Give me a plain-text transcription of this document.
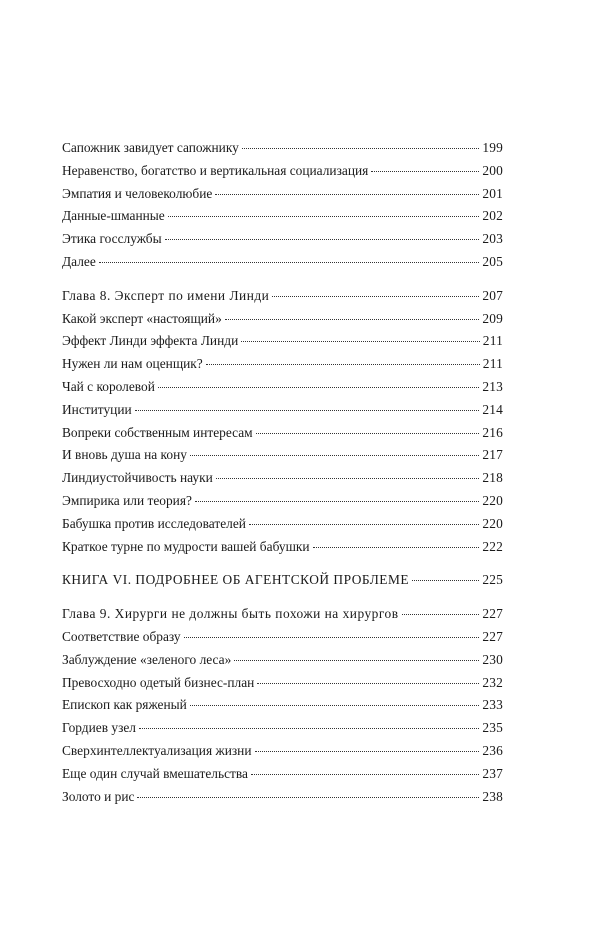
Сапожник завидует сапожнику	199
Неравенство, богатство и вертикальная социализация	200
Эмпатия и человеколюбие	201
Данные-шманные	202
Этика госслужбы	203
Далее	205
Глава 8. Эксперт по имени Линди	207
Какой эксперт «настоящий»	209
Эффект Линди эффекта Линди	211
Нужен ли нам оценщик?	211
Чай с королевой	213
Институции	214
Вопреки собственным интересам	216
И вновь душа на кону	217
Линдиустойчивость науки	218
Эмпирика или теория?	220
Бабушка против исследователей	220
Краткое турне по мудрости вашей бабушки	222
КНИГА VI. ПОДРОБНЕЕ ОБ АГЕНТСКОЙ ПРОБЛЕМЕ	225
Глава 9. Хирурги не должны быть похожи на хирургов	227
Соответствие образу	227
Заблуждение «зеленого леса»	230
Превосходно одетый бизнес-план	232
Епископ как ряженый	233
Гордиев узел	235
Сверхинтеллектуализация жизни	236
Еще один случай вмешательства	237
Золото и рис	238
